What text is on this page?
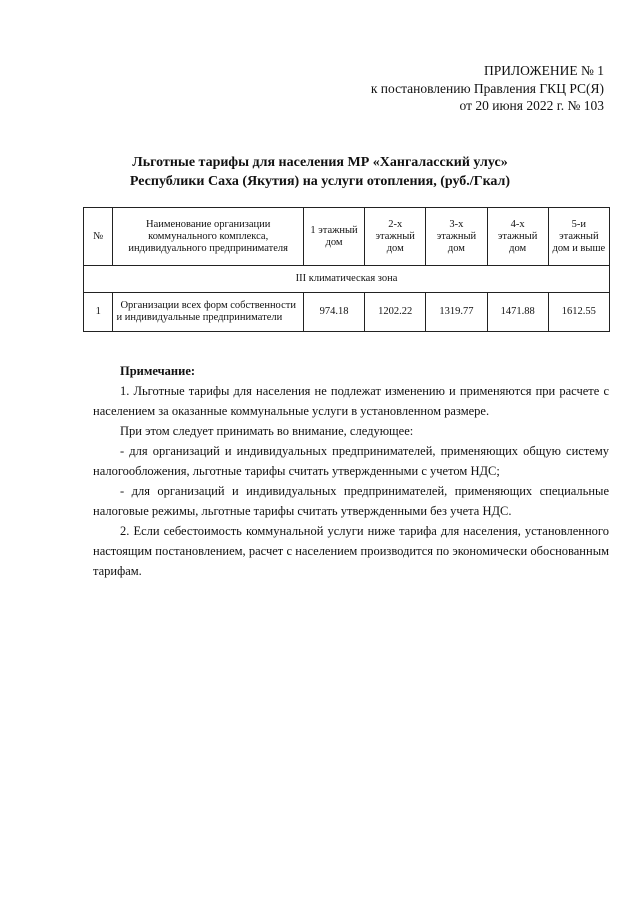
ПРИЛОЖЕНИЕ № 1
к постановлению Правления ГКЦ РС(Я)
от 20 июня 2022 г. № 103
Льготные тарифы для населения МР «Хангаласский улус»
Республики Саха (Якутия) на услуги отопления, (руб./Гкал)
№	Наименование организации коммунального комплекса, индивидуального предпринимателя	1 этажный дом	2-х этажный дом	3-х этажный дом	4-х этажный дом	5-и этажный дом и выше
III климатическая зона						
1	Организации всех форм собственности и индивидуальные предприниматели	974.18	1202.22	1319.77	1471.88	1612.55

Примечание:

1. Льготные тарифы для населения не подлежат изменению и применяются при расчете с населением за оказанные коммунальные услуги в установленном размере.

При этом следует принимать во внимание, следующее:

- для организаций и индивидуальных предпринимателей, применяющих общую систему налогообложения, льготные тарифы считать утвержденными с учетом НДС;

- для организаций и индивидуальных предпринимателей, применяющих специальные налоговые режимы, льготные тарифы считать утвержденными без учета НДС.

2. Если себестоимость коммунальной услуги ниже тарифа для населения, установленного настоящим постановлением, расчет с населением производится по экономически обоснованным тарифам.
